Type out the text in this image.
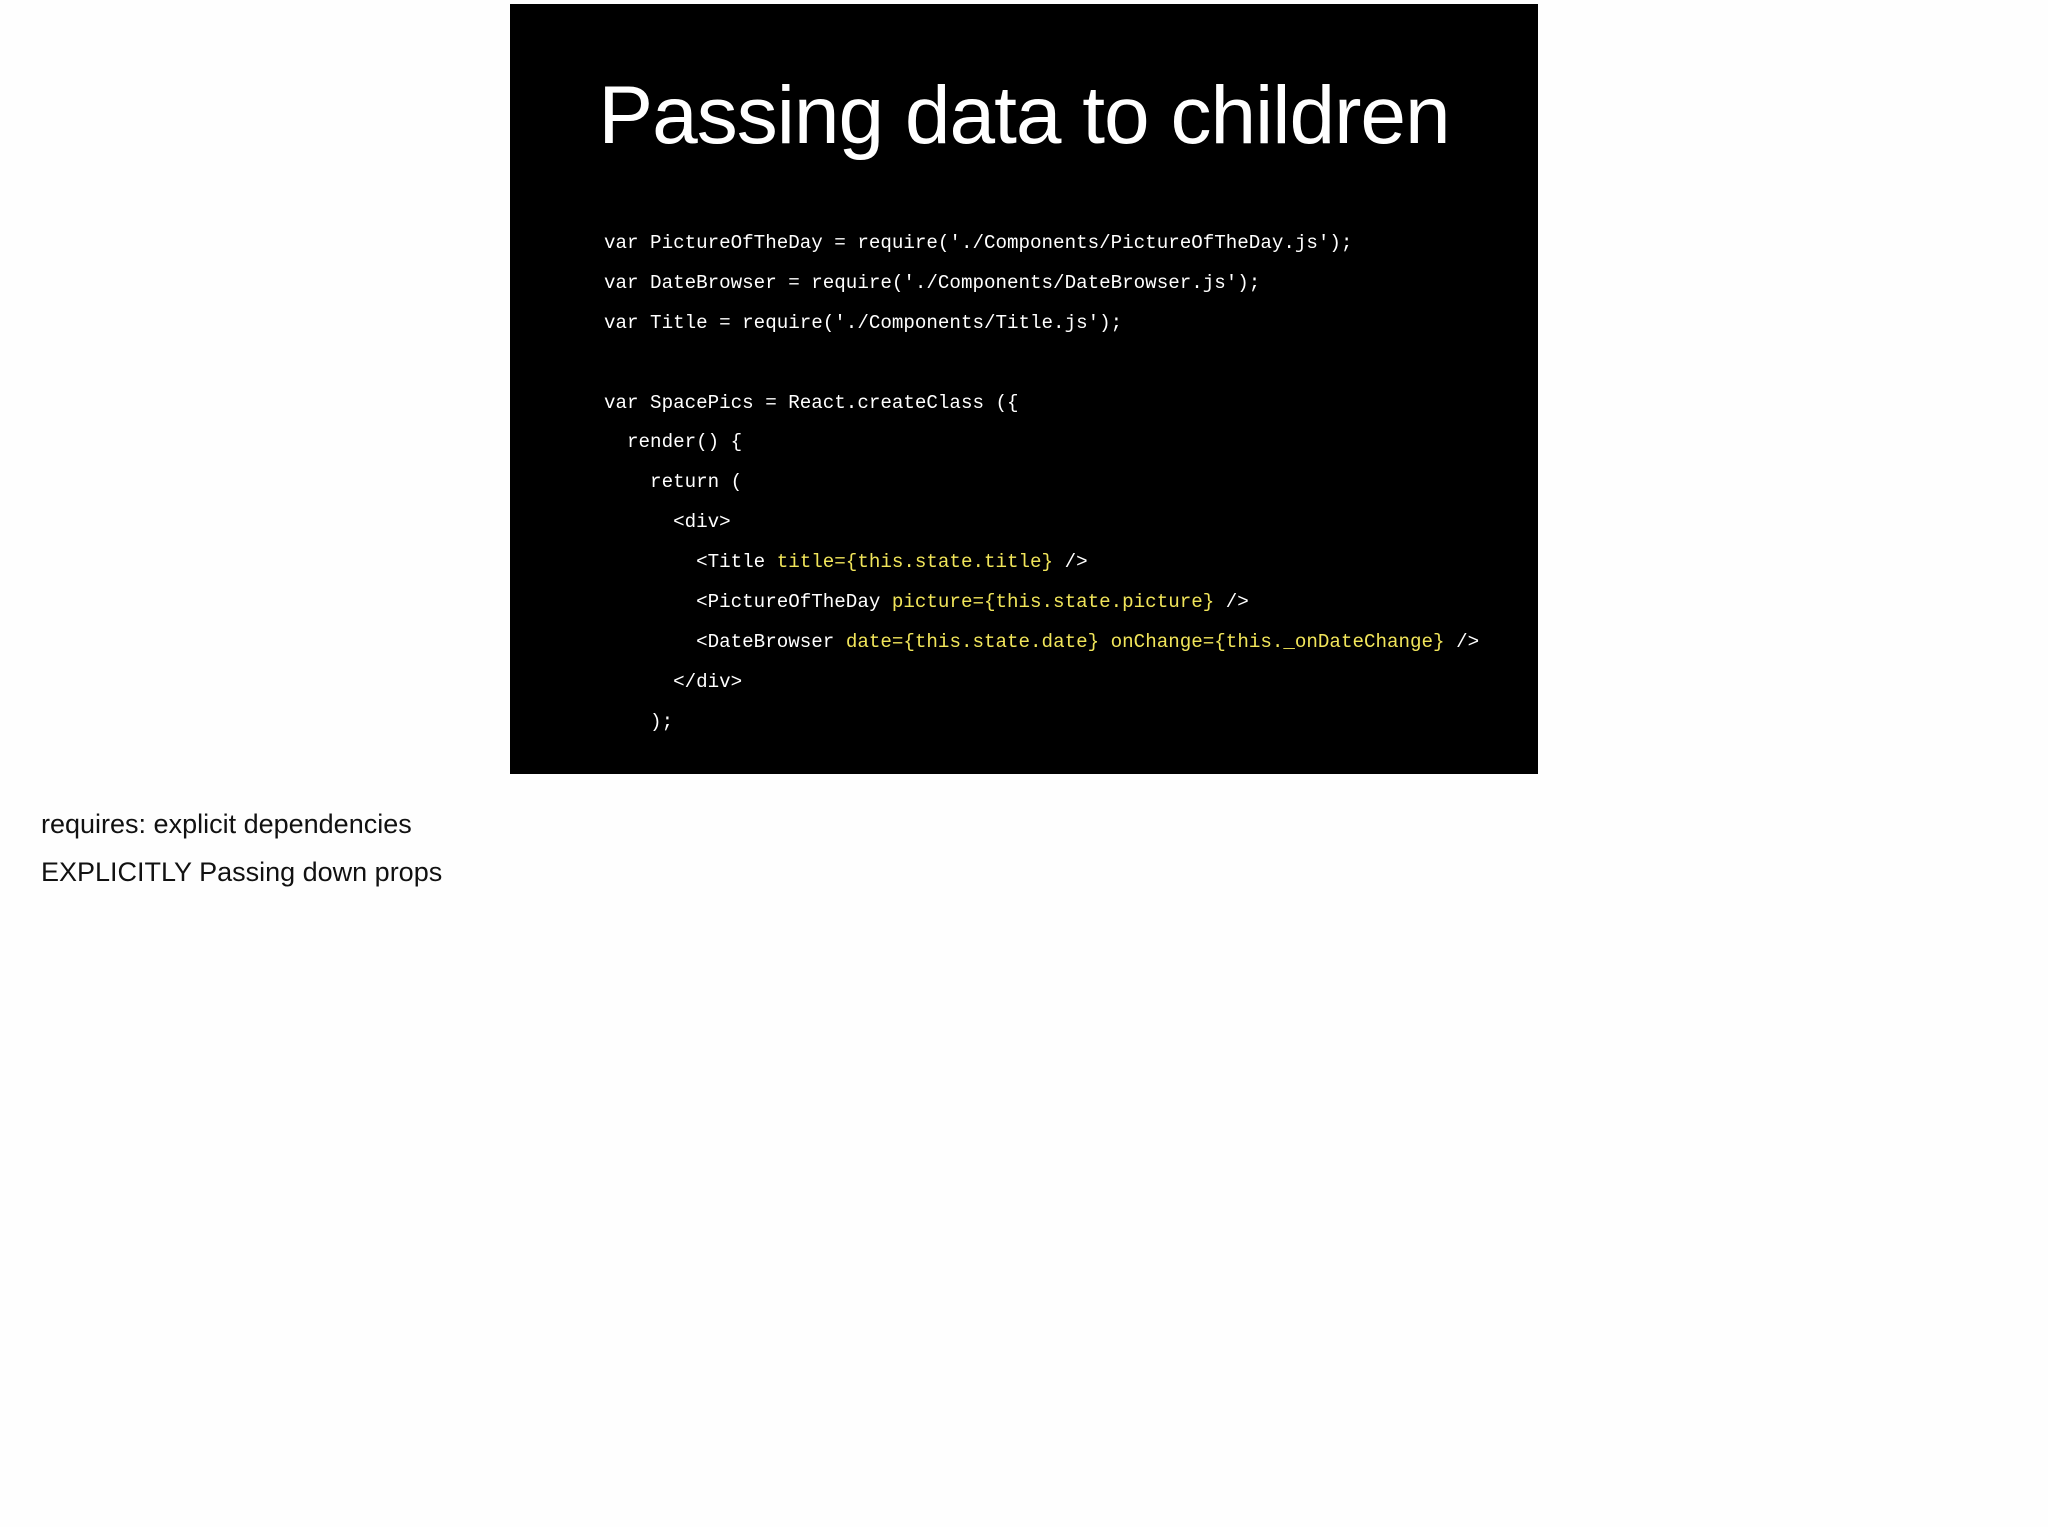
Passing data to children
var PictureOfTheDay = require('./Components/PictureOfTheDay.js');
var DateBrowser = require('./Components/DateBrowser.js');
var Title = require('./Components/Title.js');
var SpacePics = React.createClass ({
render() {
return (
<div>
<Title title={this.state.title} />
<PictureOfTheDay picture={this.state.picture} />
<DateBrowser date={this.state.date} onChange={this._onDateChange} />
</div>
);
requires: explicit dependencies
EXPLICITLY Passing down props
